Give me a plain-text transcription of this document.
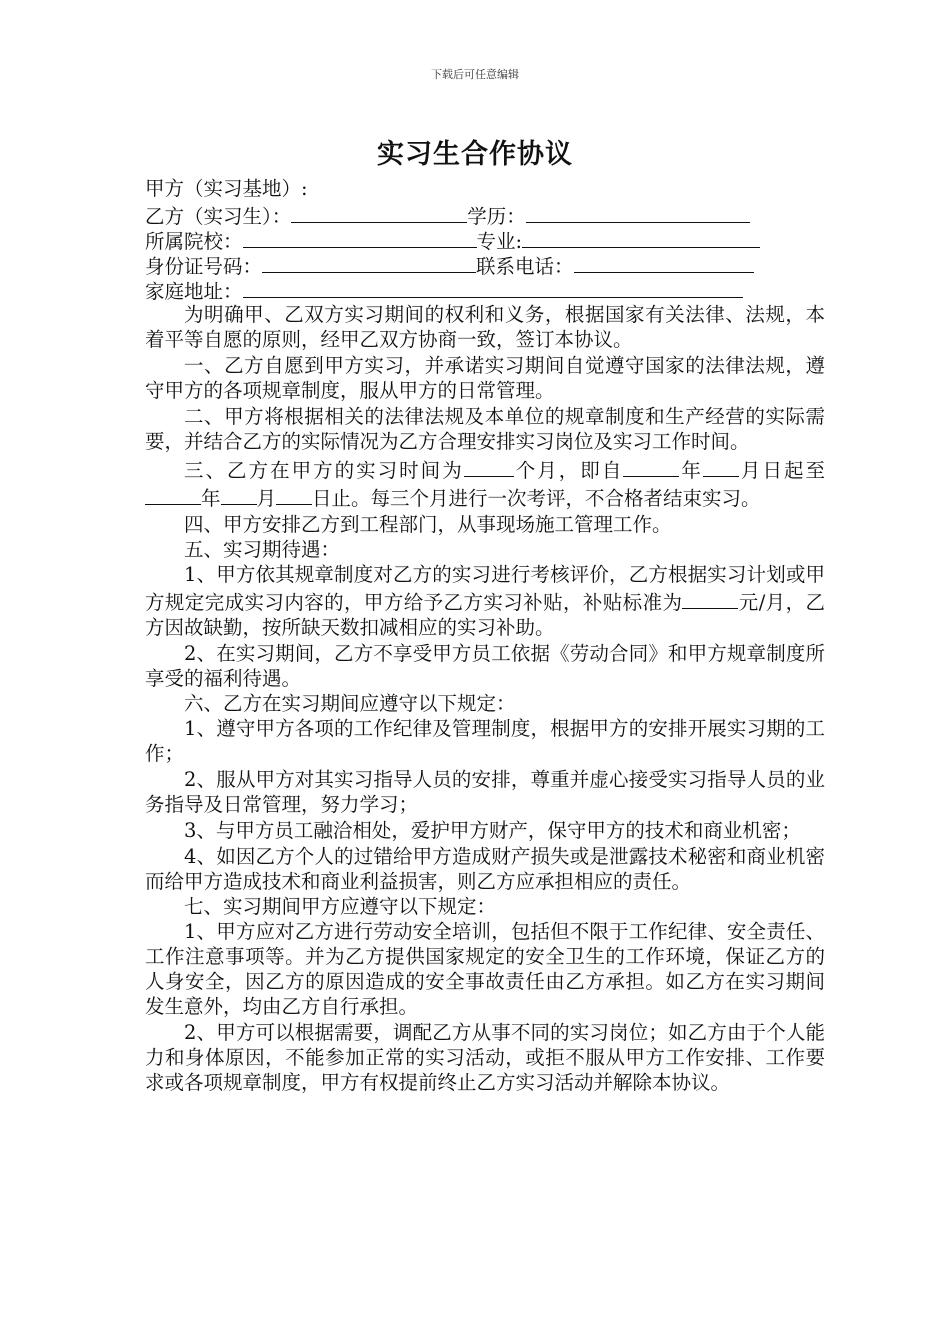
下载后可任意编辑
实习生合作协议
甲方（实习基地）:
乙方（实习生）：	学历：
所属院校：	专业:
身份证号码：	联系电话：
家庭地址：

为明确甲、乙双方实习期间的权利和义务，根据国家有关法律、法规，本着平等自愿的原则，经甲乙双方协商一致，签订本协议。

一、乙方自愿到甲方实习，并承诺实习期间自觉遵守国家的法律法规，遵守甲方的各项规章制度，服从甲方的日常管理。

二、甲方将根据相关的法律法规及本单位的规章制度和生产经营的实际需要，并结合乙方的实际情况为乙方合理安排实习岗位及实习工作时间。

三、乙方在甲方的实习时间为	个月，即自	年 月日起至年 月 日止。每三个月进行一次考评，不合格者结束实习。

四、甲方安排乙方到工程部门，从事现场施工管理工作。

五、实习期待遇：

1、甲方依其规章制度对乙方的实习进行考核评价，乙方根据实习计划或甲方规定完成实习内容的，甲方给予乙方实习补贴，补贴标准为	元/月，乙方因故缺勤，按所缺天数扣减相应的实习补助。

2、在实习期间，乙方不享受甲方员工依据《劳动合同》和甲方规章制度所享受的福利待遇。

六、乙方在实习期间应遵守以下规定：

1、遵守甲方各项的工作纪律及管理制度，根据甲方的安排开展实习期的工作；

2、服从甲方对其实习指导人员的安排，尊重并虚心接受实习指导人员的业务指导及日常管理，努力学习；

3、与甲方员工融洽相处，爱护甲方财产，保守甲方的技术和商业机密；

4、如因乙方个人的过错给甲方造成财产损失或是泄露技术秘密和商业机密而给甲方造成技术和商业利益损害，则乙方应承担相应的责任。

七、实习期间甲方应遵守以下规定：

1、甲方应对乙方进行劳动安全培训，包括但不限于工作纪律、安全责任、工作注意事项等。并为乙方提供国家规定的安全卫生的工作环境，保证乙方的人身安全，因乙方的原因造成的安全事故责任由乙方承担。如乙方在实习期间发生意外，均由乙方自行承担。

2、甲方可以根据需要，调配乙方从事不同的实习岗位；如乙方由于个人能力和身体原因，不能参加正常的实习活动，或拒不服从甲方工作安排、工作要求或各项规章制度，甲方有权提前终止乙方实习活动并解除本协议。
